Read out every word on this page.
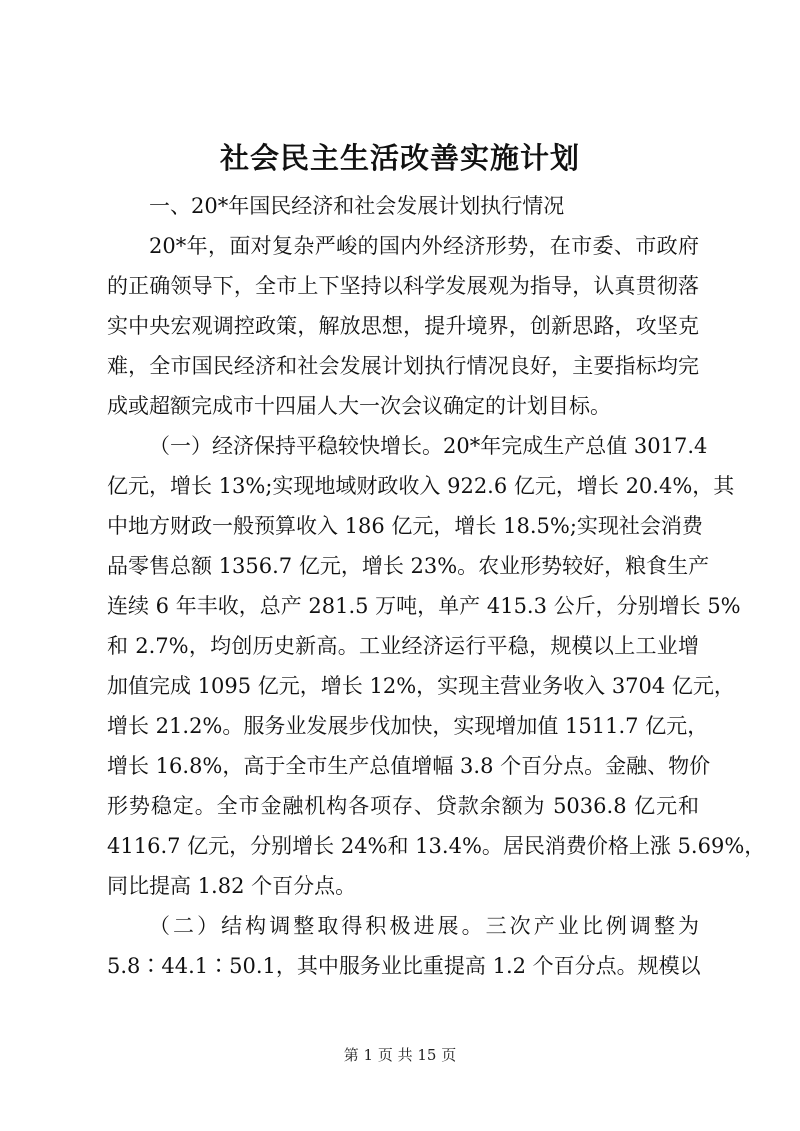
社会民主生活改善实施计划
一、20*年国民经济和社会发展计划执行情况
20*年，面对复杂严峻的国内外经济形势，在市委、市政府
的正确领导下，全市上下坚持以科学发展观为指导，认真贯彻落
实中央宏观调控政策，解放思想，提升境界，创新思路，攻坚克
难，全市国民经济和社会发展计划执行情况良好，主要指标均完
成或超额完成市十四届人大一次会议确定的计划目标。
（一）经济保持平稳较快增长。20*年完成生产总值 3017.4
亿元，增长 13%;实现地域财政收入 922.6 亿元，增长 20.4%，其
中地方财政一般预算收入 186 亿元，增长 18.5%;实现社会消费
品零售总额 1356.7 亿元，增长 23%。农业形势较好，粮食生产
连续 6 年丰收，总产 281.5 万吨，单产 415.3 公斤，分别增长 5%
和 2.7%，均创历史新高。工业经济运行平稳，规模以上工业增
加值完成 1095 亿元，增长 12%，实现主营业务收入 3704 亿元，
增长 21.2%。服务业发展步伐加快，实现增加值 1511.7 亿元，
增长 16.8%，高于全市生产总值增幅 3.8 个百分点。金融、物价
形势稳定。全市金融机构各项存、贷款余额为 5036.8 亿元和
4116.7 亿元，分别增长 24%和 13.4%。居民消费价格上涨 5.69%，
同比提高 1.82 个百分点。
（二）结构调整取得积极进展。三次产业比例调整为
5.8∶44.1∶50.1，其中服务业比重提高 1.2 个百分点。规模以
第 1 页 共 15 页
